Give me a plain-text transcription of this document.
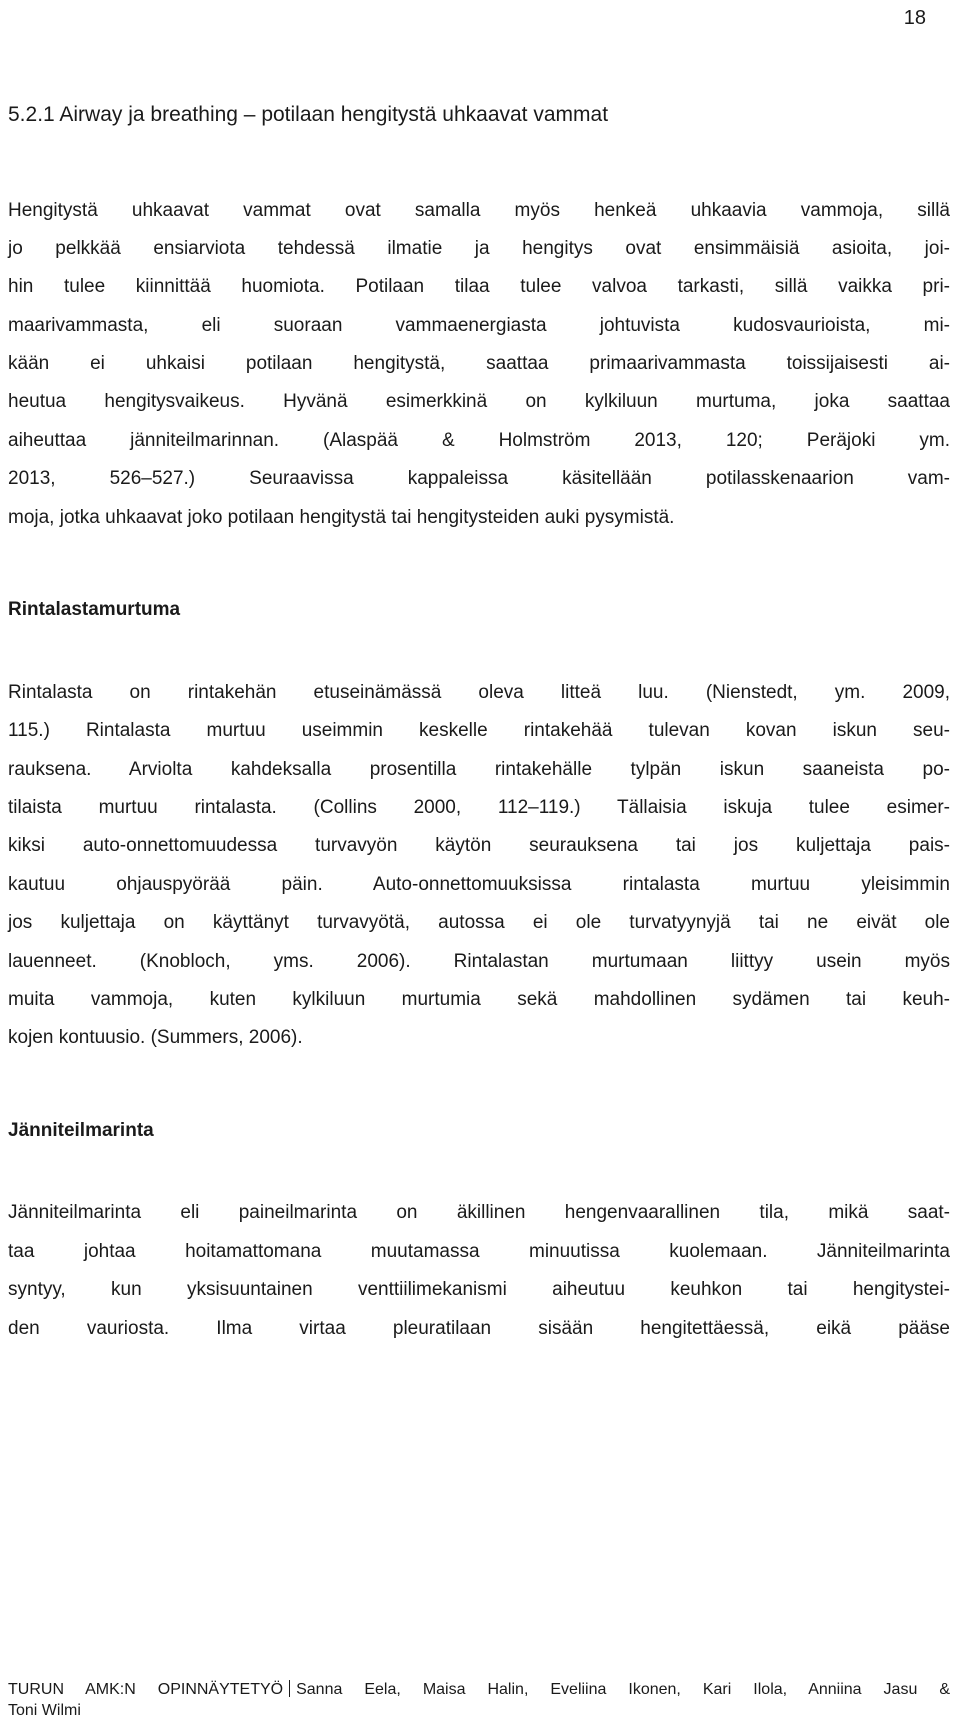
18
5.2.1 Airway ja breathing – potilaan hengitystä uhkaavat vammat
Hengitystä uhkaavat vammat ovat samalla myös henkeä uhkaavia vammoja, sillä
jo pelkkää ensiarviota tehdessä ilmatie ja hengitys ovat ensimmäisiä asioita, joi-
hin tulee kiinnittää huomiota. Potilaan tilaa tulee valvoa tarkasti, sillä vaikka pri-
maarivammasta, eli suoraan vammaenergiasta johtuvista kudosvaurioista, mi-
kään ei uhkaisi potilaan hengitystä, saattaa primaarivammasta toissijaisesti ai-
heutua hengitysvaikeus. Hyvänä esimerkkinä on kylkiluun murtuma, joka saattaa
aiheuttaa jänniteilmarinnan. (Alaspää & Holmström 2013, 120; Peräjoki ym.
2013, 526–527.) Seuraavissa kappaleissa käsitellään potilasskenaarion vam-
moja, jotka uhkaavat joko potilaan hengitystä tai hengitysteiden auki pysymistä.
Rintalastamurtuma
Rintalasta on rintakehän etuseinämässä oleva litteä luu. (Nienstedt, ym. 2009,
115.) Rintalasta murtuu useimmin keskelle rintakehää tulevan kovan iskun seu-
rauksena. Arviolta kahdeksalla prosentilla rintakehälle tylpän iskun saaneista po-
tilaista murtuu rintalasta. (Collins 2000, 112–119.) Tällaisia iskuja tulee esimer-
kiksi auto-onnettomuudessa turvavyön käytön seurauksena tai jos kuljettaja pais-
kautuu ohjauspyörää päin. Auto-onnettomuuksissa rintalasta murtuu yleisimmin
jos kuljettaja on käyttänyt turvavyötä, autossa ei ole turvatyynyjä tai ne eivät ole
lauenneet. (Knobloch, yms. 2006). Rintalastan murtumaan liittyy usein myös
muita vammoja, kuten kylkiluun murtumia sekä mahdollinen sydämen tai keuh-
kojen kontuusio. (Summers, 2006).
Jänniteilmarinta
Jänniteilmarinta eli paineilmarinta on äkillinen hengenvaarallinen tila, mikä saat-
taa johtaa hoitamattomana muutamassa minuutissa kuolemaan. Jänniteilmarinta
syntyy, kun yksisuuntainen venttiilimekanismi aiheutuu keuhkon tai hengitystei-
den vauriosta. Ilma virtaa pleuratilaan sisään hengitettäessä, eikä pääse
TURUN AMK:N OPINNÄYTETYÖ Sanna Eela, Maisa Halin, Eveliina Ikonen, Kari Ilola, Anniina Jasu &
Toni Wilmi
